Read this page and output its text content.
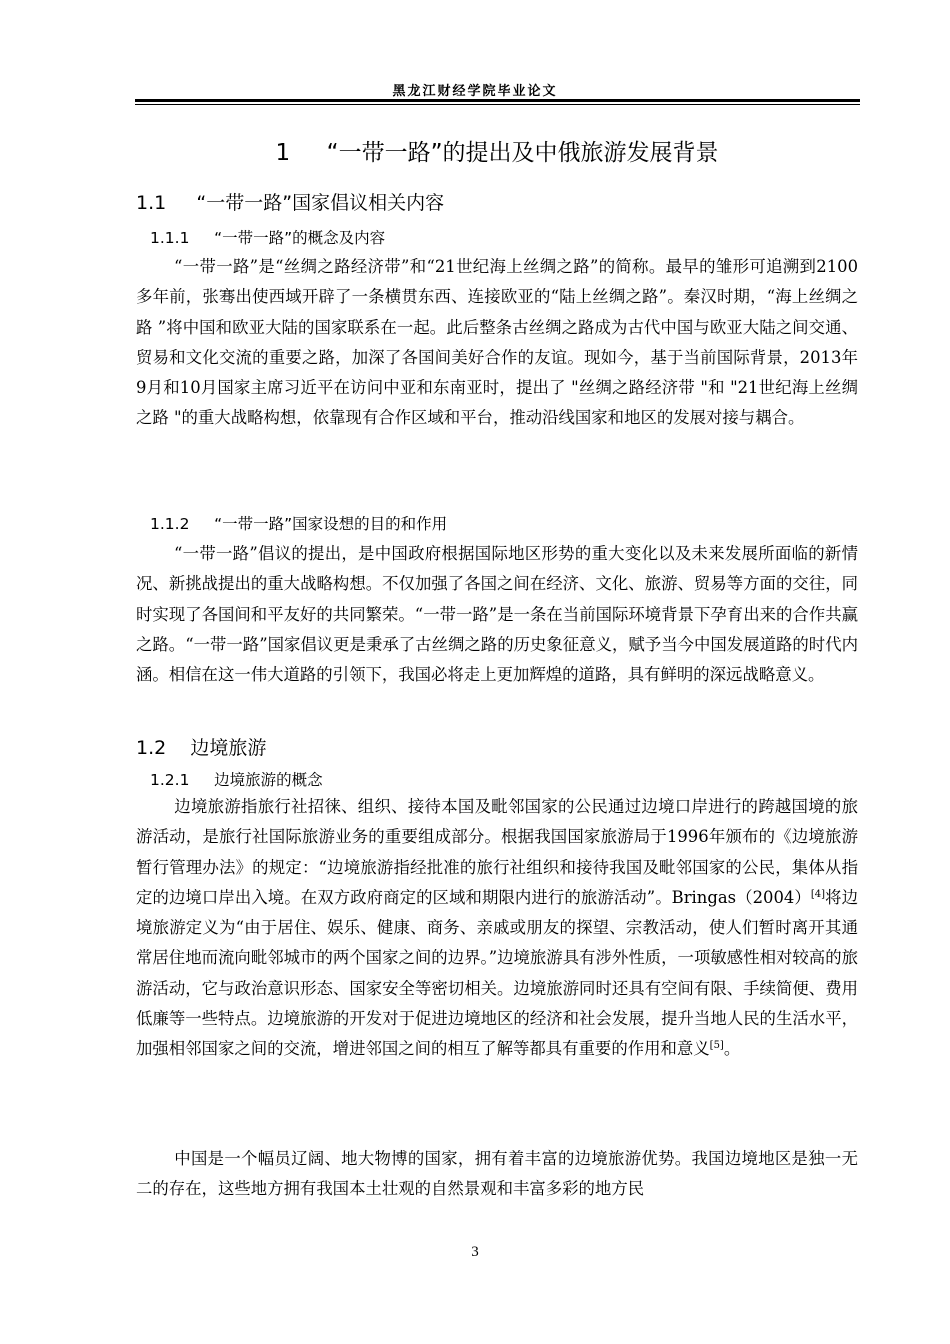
黑龙江财经学院毕业论文
1 “一带一路”的提出及中俄旅游发展背景
1.1 “一带一路”国家倡议相关内容
1.1.1 “一带一路”的概念及内容
“一带一路”是“丝绸之路经济带”和“21世纪海上丝绸之路”的简称。最早的雏形可追溯到2100多年前，张骞出使西域开辟了一条横贯东西、连接欧亚的“陆上丝绸之路”。秦汉时期，“海上丝绸之路 ”将中国和欧亚大陆的国家联系在一起。此后整条古丝绸之路成为古代中国与欧亚大陆之间交通、贸易和文化交流的重要之路，加深了各国间美好合作的友谊。现如今，基于当前国际背景，2013年9月和10月国家主席习近平在访问中亚和东南亚时，提出了 "丝绸之路经济带 "和 "21世纪海上丝绸之路 "的重大战略构想，依靠现有合作区域和平台，推动沿线国家和地区的发展对接与耦合。
1.1.2 “一带一路”国家设想的目的和作用
“一带一路”倡议的提出，是中国政府根据国际地区形势的重大变化以及未来发展所面临的新情况、新挑战提出的重大战略构想。不仅加强了各国之间在经济、文化、旅游、贸易等方面的交往，同时实现了各国间和平友好的共同繁荣。“一带一路”是一条在当前国际环境背景下孕育出来的合作共赢之路。“一带一路”国家倡议更是秉承了古丝绸之路的历史象征意义，赋予当今中国发展道路的时代内涵。相信在这一伟大道路的引领下，我国必将走上更加辉煌的道路，具有鲜明的深远战略意义。
1.2 边境旅游
1.2.1 边境旅游的概念
边境旅游指旅行社招徕、组织、接待本国及毗邻国家的公民通过边境口岸进行的跨越国境的旅游活动，是旅行社国际旅游业务的重要组成部分。根据我国国家旅游局于1996年颁布的《边境旅游暂行管理办法》的规定：“边境旅游指经批准的旅行社组织和接待我国及毗邻国家的公民，集体从指定的边境口岸出入境。在双方政府商定的区域和期限内进行的旅游活动”。Bringas（2004）[4]将边境旅游定义为“由于居住、娱乐、健康、商务、亲戚或朋友的探望、宗教活动，使人们暂时离开其通常居住地而流向毗邻城市的两个国家之间的边界。”边境旅游具有涉外性质，一项敏感性相对较高的旅游活动，它与政治意识形态、国家安全等密切相关。边境旅游同时还具有空间有限、手续简便、费用低廉等一些特点。边境旅游的开发对于促进边境地区的经济和社会发展，提升当地人民的生活水平，加强相邻国家之间的交流，增进邻国之间的相互了解等都具有重要的作用和意义[5]。
中国是一个幅员辽阔、地大物博的国家，拥有着丰富的边境旅游优势。我国边境地区是独一无二的存在，这些地方拥有我国本土壮观的自然景观和丰富多彩的地方民
3
